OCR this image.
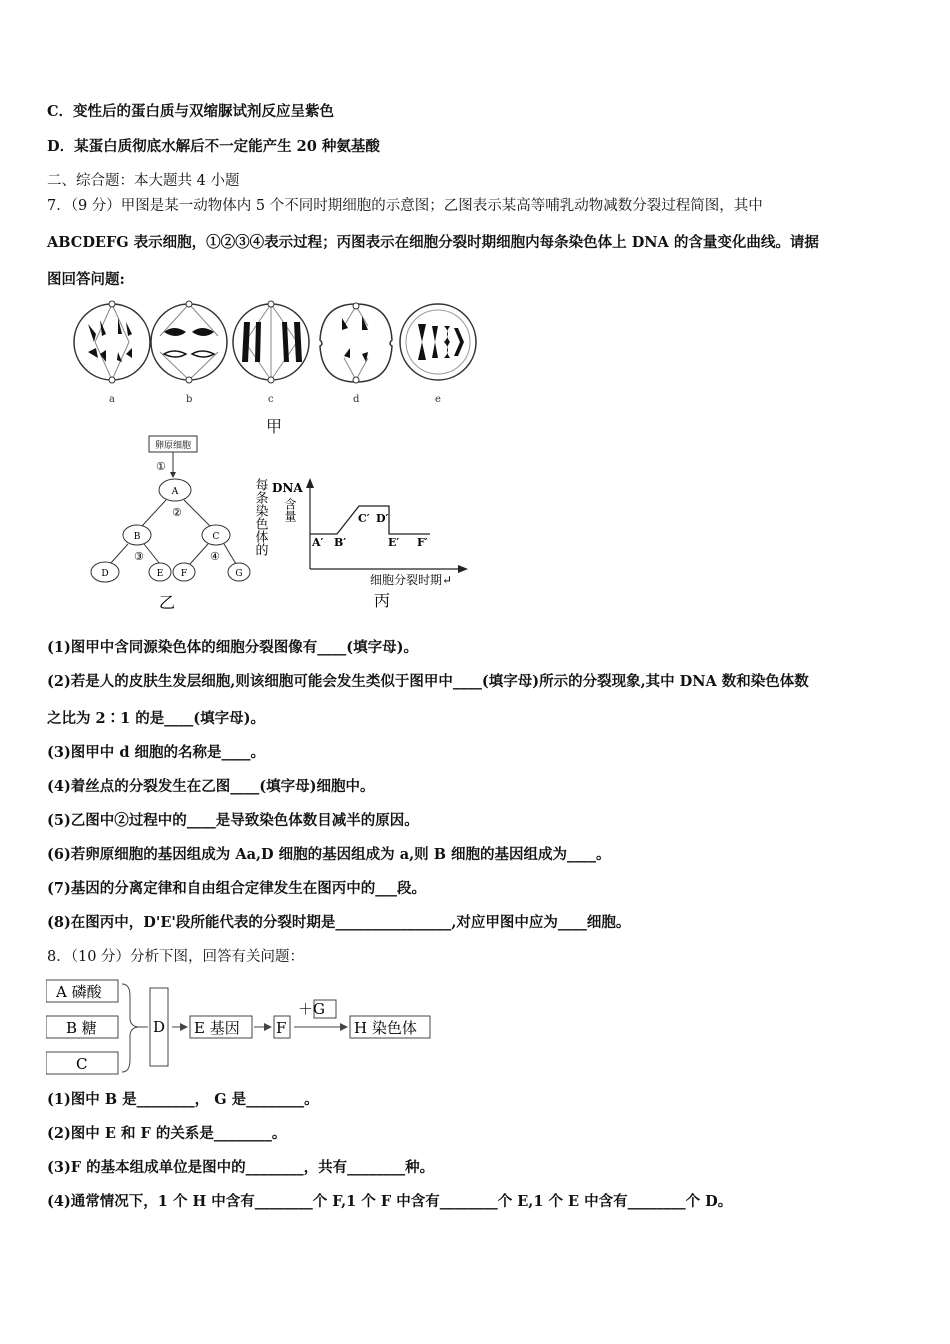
C．变性后的蛋白质与双缩脲试剂反应呈紫色
D．某蛋白质彻底水解后不一定能产生 20 种氨基酸
二、综合题：本大题共 4 小题
7．（9 分）甲图是某一动物体内 5 个不同时期细胞的示意图；乙图表示某高等哺乳动物减数分裂过程简图，其中
ABCDEFG 表示细胞，①②③④表示过程；丙图表示在细胞分裂时期细胞内每条染色体上 DNA 的含量变化曲线。请据
图回答问题:
a	b	c	d	e
甲
卵原细胞
①
A
②
B	C
③	④
D	E F	G
乙
每条染色体的 DNA
含量
A′ B′
C′ D′
E′ F′
细胞分裂时期↵
丙
(1)图甲中含同源染色体的细胞分裂图像有____(填字母)。
(2)若是人的皮肤生发层细胞,则该细胞可能会发生类似于图甲中____(填字母)所示的分裂现象,其中 DNA 数和染色体数
之比为 2∶1 的是____(填字母)。
(3)图甲中 d 细胞的名称是____。
(4)着丝点的分裂发生在乙图____(填字母)细胞中。
(5)乙图中②过程中的____是导致染色体数目减半的原因。
(6)若卵原细胞的基因组成为 Aa,D 细胞的基因组成为 a,则 B 细胞的基因组成为____。
(7)基因的分离定律和自由组合定律发生在图丙中的___段。
(8)在图丙中，D'E'段所能代表的分裂时期是________________,对应甲图中应为____细胞。
8．（10 分）分析下图，回答有关问题：
A 磷酸
B 糖
C
D E 基因 F
＋G
H 染色体
(1)图中 B 是________， G 是________。
(2)图中 E 和 F 的关系是________。
(3)F 的基本组成单位是图中的________，共有________种。
(4)通常情况下，1 个 H 中含有________个 F,1 个 F 中含有________个 E,1 个 E 中含有________个 D。
